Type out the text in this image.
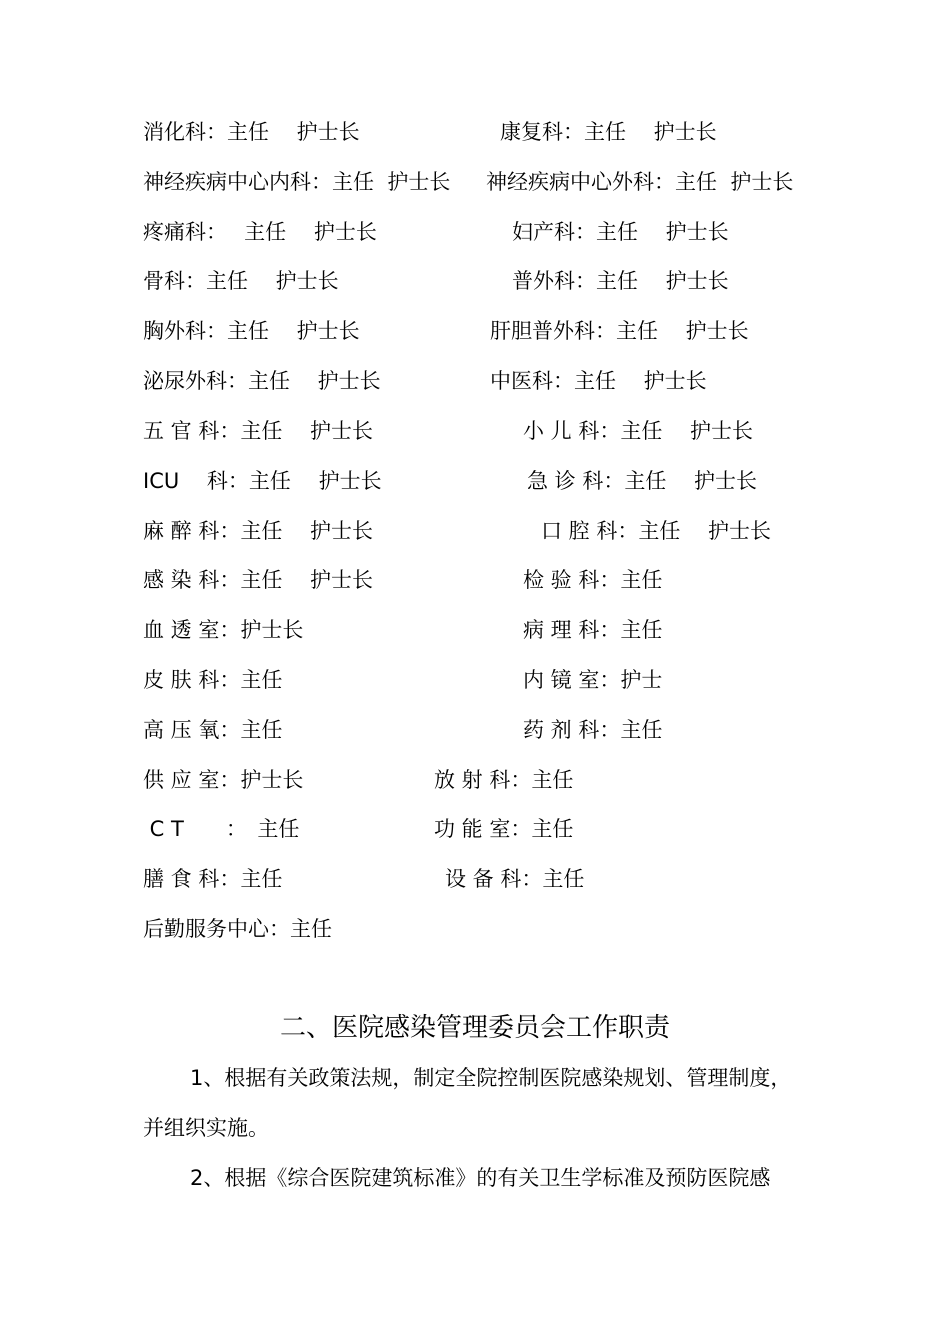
消化科：主任　 护士长
神经疾病中心内科：主任  护士长
疼痛科：　 主任　 护士长
骨科：主任　 护士长
胸外科：主任　 护士长
泌尿外科：主任　 护士长
五 官 科：主任　 护士长
ICU　 科：主任　 护士长
麻 醉 科：主任　 护士长
感 染 科：主任　 护士长
血 透 室：护士长
皮 肤 科：主任
高 压 氧：主任
供 应 室：护士长
C T　　：　主任
膳 食 科：主任
后勤服务中心：主任
康复科：主任　 护士长
神经疾病中心外科：主任  护士长
妇产科：主任　 护士长
普外科：主任　 护士长
肝胆普外科：主任　 护士长
中医科：主任　 护士长
小 儿 科：主任　 护士长
急 诊 科：主任　 护士长
口 腔 科：主任　 护士长
检 验 科：主任
病 理 科：主任
内 镜 室：护士
药 剂 科：主任
放 射 科：主任
功 能 室：主任
设 备 科：主任
二、医院感染管理委员会工作职责
1、根据有关政策法规，制定全院控制医院感染规划、管理制度，
并组织实施。
2、根据《综合医院建筑标准》的有关卫生学标准及预防医院感
